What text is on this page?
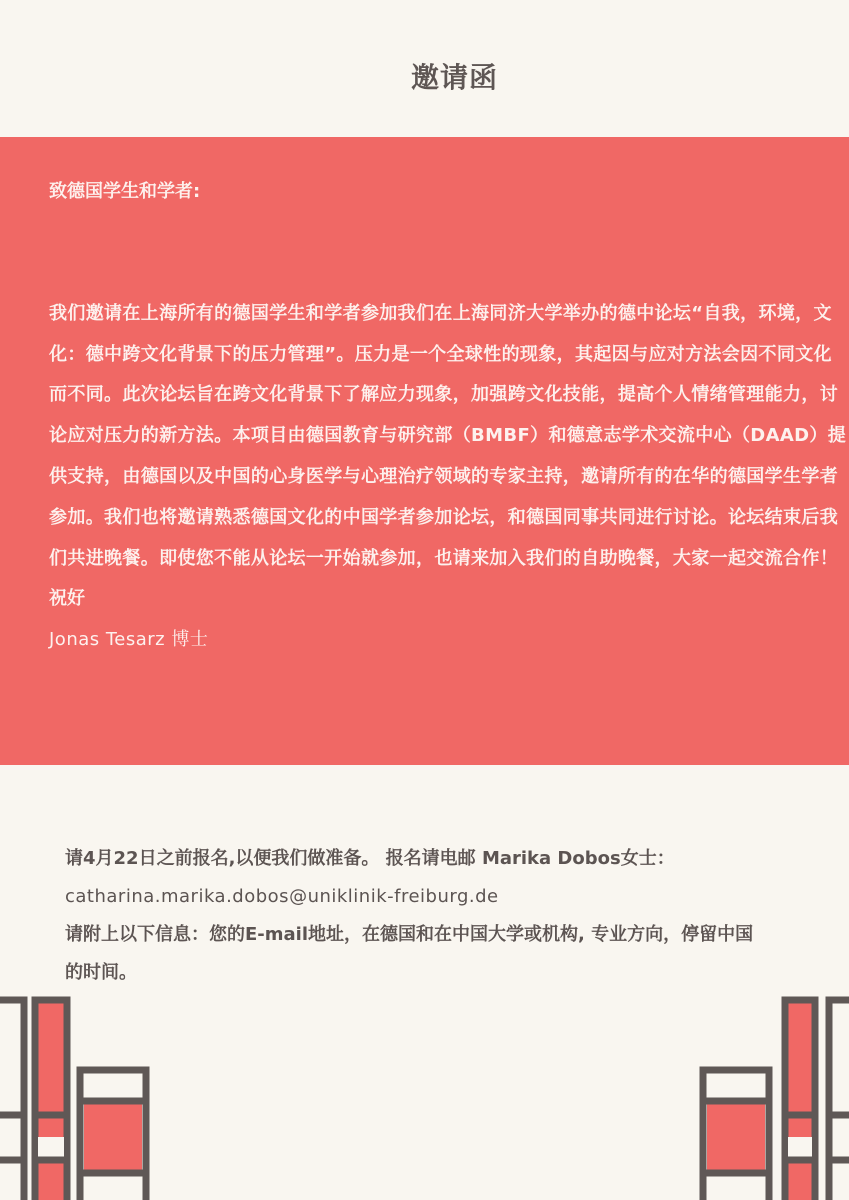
邀请函
致德国学生和学者:
我们邀请在上海所有的德国学生和学者参加我们在上海同济大学举办的德中论坛“自我，环境，文化：德中跨文化背景下的压力管理”。压力是一个全球性的现象，其起因与应对方法会因不同文化而不同。此次论坛旨在跨文化背景下了解应力现象，加强跨文化技能，提高个人情绪管理能力，讨论应对压力的新方法。本项目由德国教育与研究部（BMBF）和德意志学术交流中心（DAAD）提供支持，由德国以及中国的心身医学与心理治疗领域的专家主持，邀请所有的在华的德国学生学者参加。我们也将邀请熟悉德国文化的中国学者参加论坛，和德国同事共同进行讨论。论坛结束后我们共进晚餐。即使您不能从论坛一开始就参加，也请来加入我们的自助晚餐，大家一起交流合作！
祝好
Jonas Tesarz 博士
请4月22日之前报名,以便我们做准备。 报名请电邮 Marika Dobos女士：
catharina.marika.dobos@uniklinik-freiburg.de
请附上以下信息：您的E-mail地址，在德国和在中国大学或机构, 专业方向，停留中国的时间。
